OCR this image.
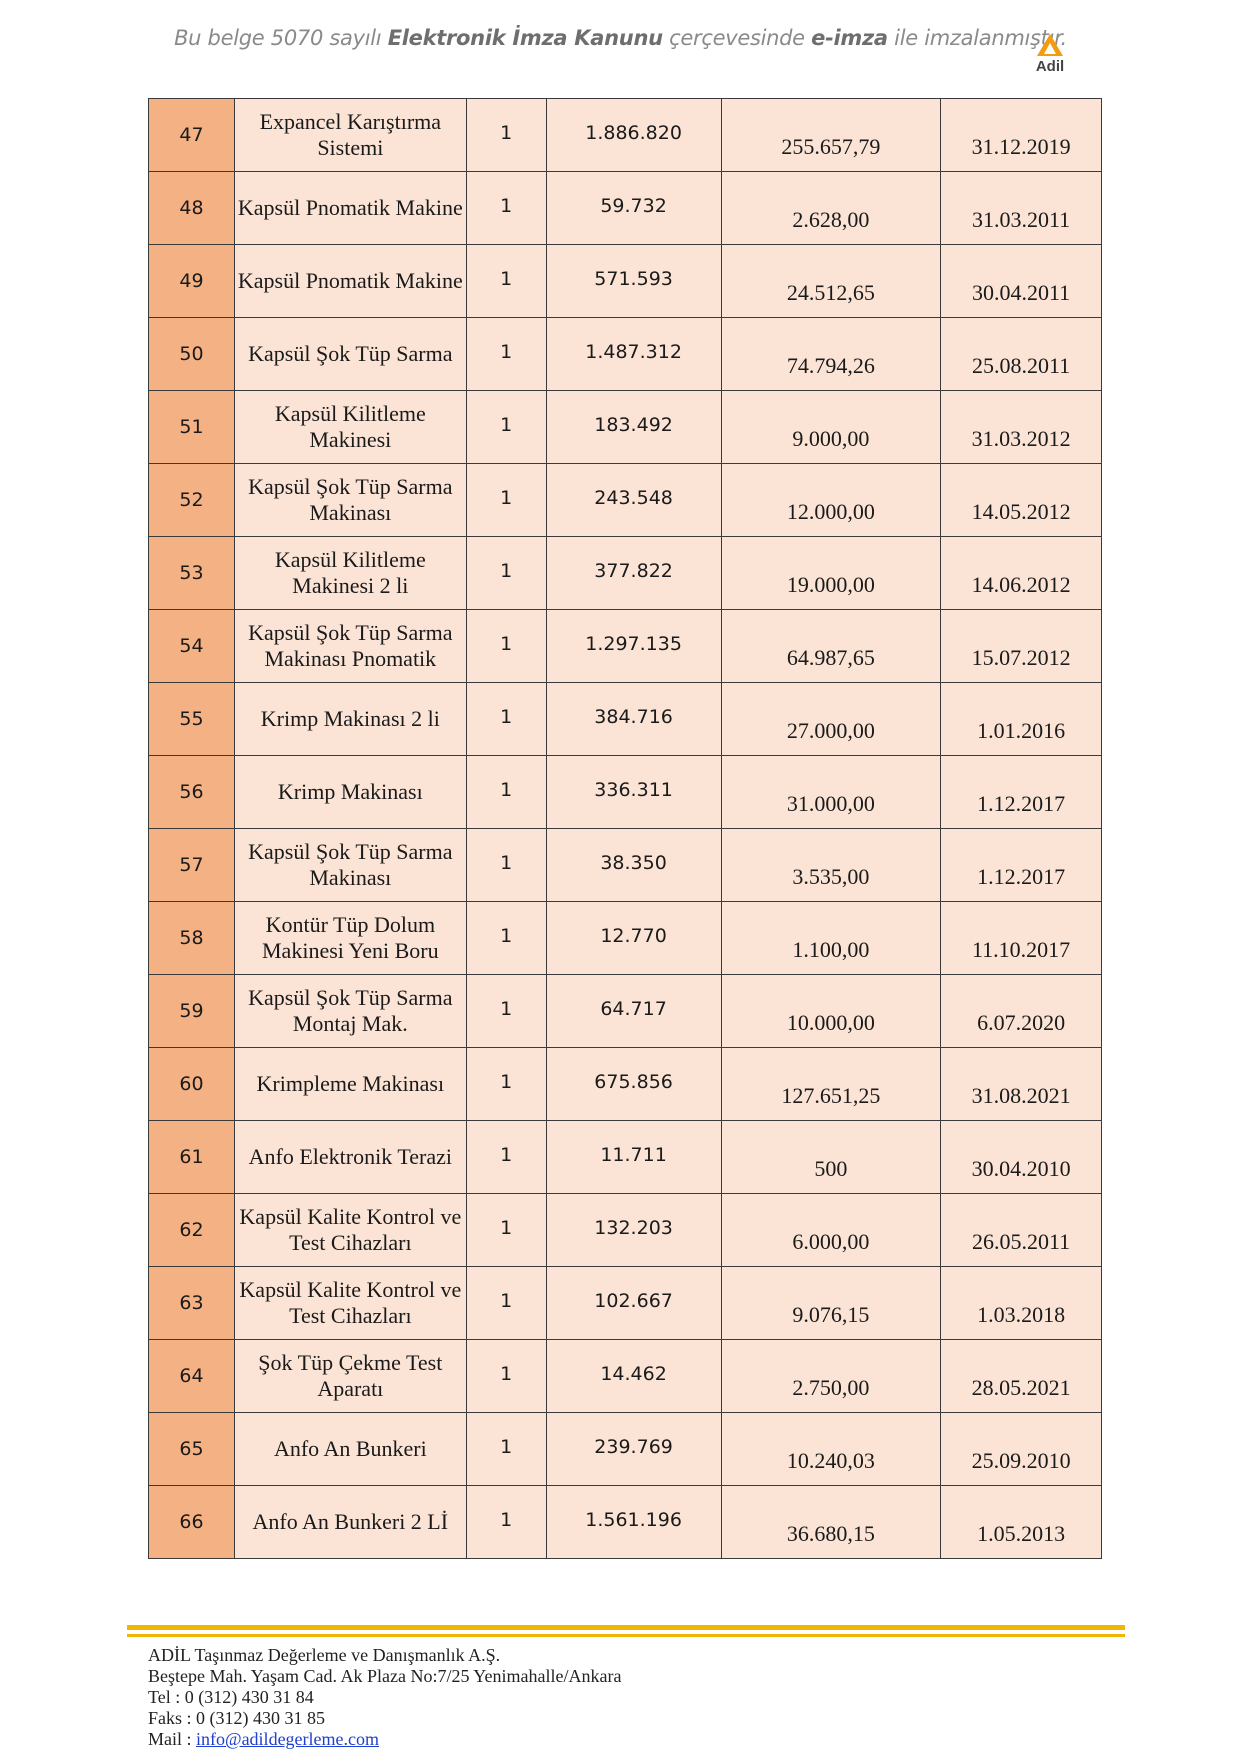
Bu belge 5070 sayılı Elektronik İmza Kanunu çerçevesinde e-imza ile imzalanmıştır.
Adil
47	Expancel Karıştırma Sistemi	1	1.886.820	255.657,79	31.12.2019

48	Kapsül Pnomatik Makine	1	59.732	2.628,00	31.03.2011

49	Kapsül Pnomatik Makine	1	571.593	24.512,65	30.04.2011

50	Kapsül Şok Tüp Sarma	1	1.487.312	74.794,26	25.08.2011

51	Kapsül Kilitleme Makinesi	1	183.492	9.000,00	31.03.2012

52	Kapsül Şok Tüp Sarma Makinası	1	243.548	12.000,00	14.05.2012

53	Kapsül Kilitleme Makinesi 2 li	1	377.822	19.000,00	14.06.2012

54	Kapsül Şok Tüp Sarma Makinası Pnomatik	1	1.297.135	64.987,65	15.07.2012

55	Krimp Makinası 2 li	1	384.716	27.000,00	1.01.2016

56	Krimp Makinası	1	336.311	31.000,00	1.12.2017

57	Kapsül Şok Tüp Sarma Makinası	1	38.350	3.535,00	1.12.2017

58	Kontür Tüp Dolum Makinesi Yeni Boru	1	12.770	1.100,00	11.10.2017

59	Kapsül Şok Tüp Sarma Montaj Mak.	1	64.717	10.000,00	6.07.2020

60	Krimpleme Makinası	1	675.856	127.651,25	31.08.2021

61	Anfo Elektronik Terazi	1	11.711	500	30.04.2010

62	Kapsül Kalite Kontrol ve Test Cihazları	1	132.203	6.000,00	26.05.2011

63	Kapsül Kalite Kontrol ve Test Cihazları	1	102.667	9.076,15	1.03.2018

64	Şok Tüp Çekme Test Aparatı	1	14.462	2.750,00	28.05.2021

65	Anfo An Bunkeri	1	239.769	10.240,03	25.09.2010

66	Anfo An Bunkeri 2 Lİ	1	1.561.196	36.680,15	1.05.2013
ADİL Taşınmaz Değerleme ve Danışmanlık A.Ş.
Beştepe Mah. Yaşam Cad. Ak Plaza No:7/25 Yenimahalle/Ankara
Tel : 0 (312) 430 31 84
Faks : 0 (312) 430 31 85
Mail : info@adildegerleme.com
